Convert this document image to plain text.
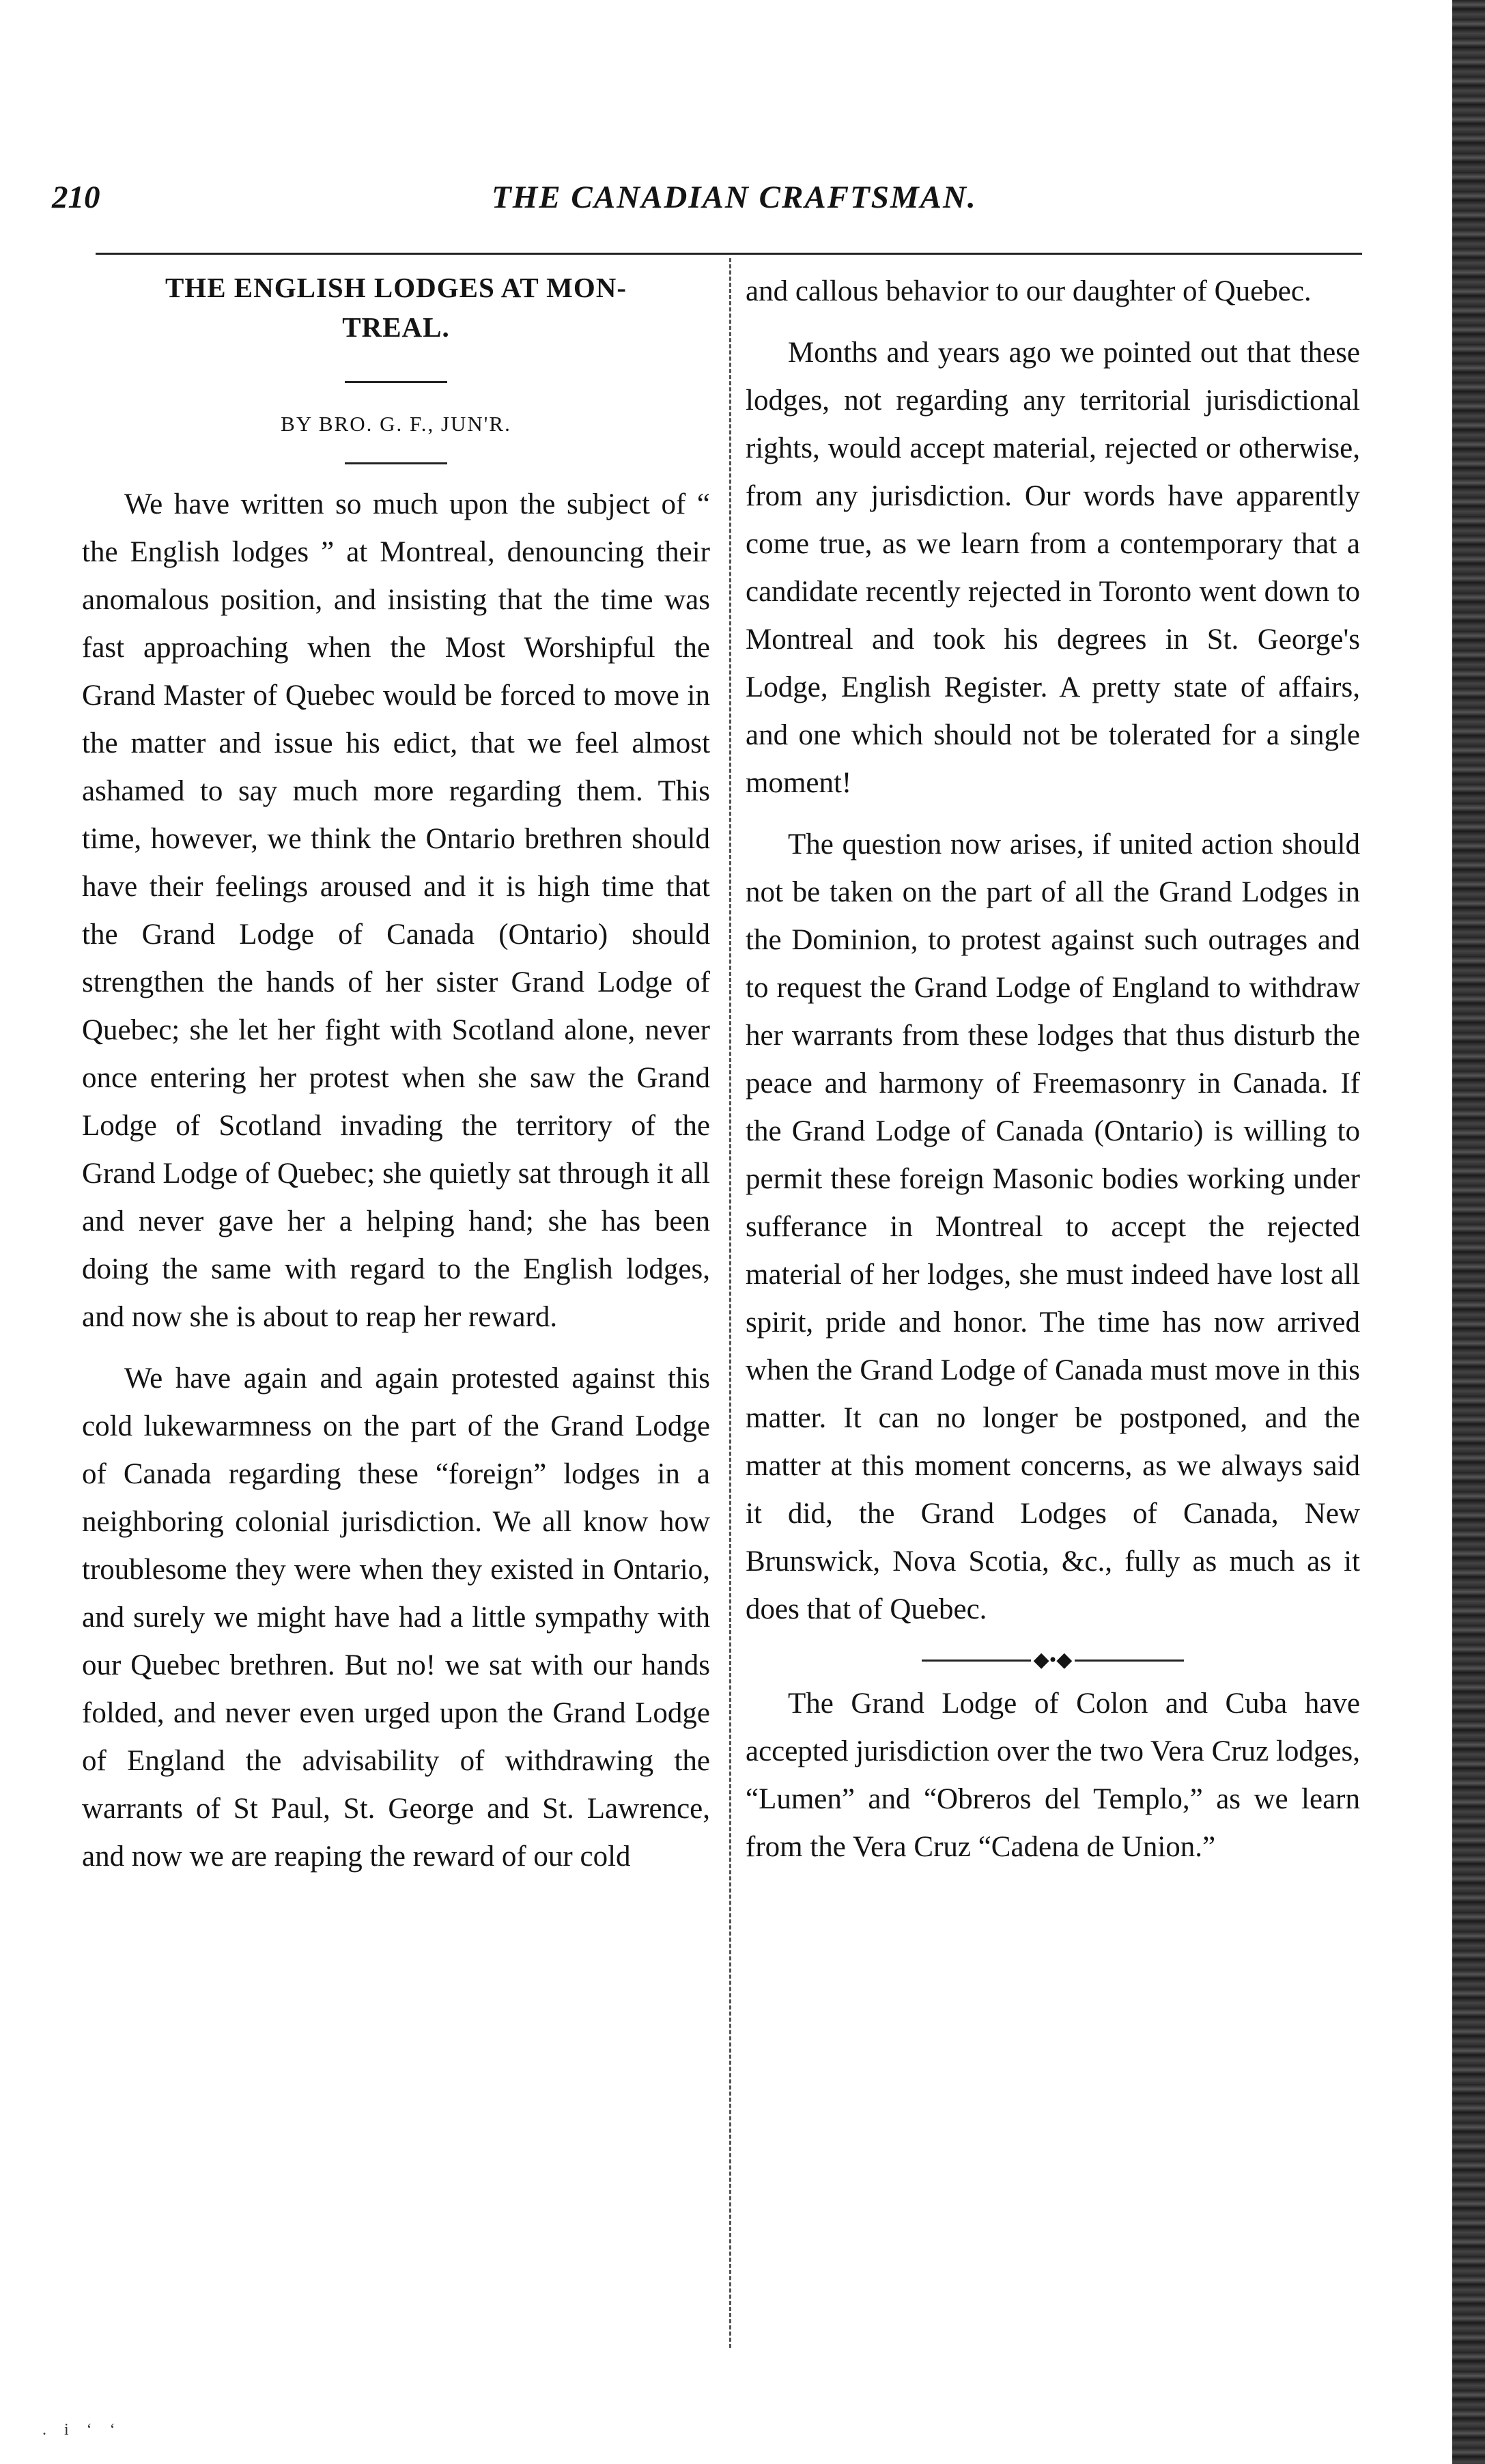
210	THE CANADIAN CRAFTSMAN.
THE ENGLISH LODGES AT MON-
TREAL.
BY BRO. G. F., JUN'R.

We have written so much upon the subject of “ the English lodges ” at Montreal, denouncing their anomalous position, and insisting that the time was fast approaching when the Most Worshipful the Grand Master of Quebec would be forced to move in the matter and issue his edict, that we feel almost ashamed to say much more regarding them. This time, however, we think the Ontario brethren should have their feelings aroused and it is high time that the Grand Lodge of Canada (Ontario) should strengthen the hands of her sister Grand Lodge of Quebec; she let her fight with Scotland alone, never once entering her protest when she saw the Grand Lodge of Scotland invading the territory of the Grand Lodge of Quebec; she quietly sat through it all and never gave her a helping hand; she has been doing the same with regard to the English lodges, and now she is about to reap her reward.

We have again and again protested against this cold lukewarmness on the part of the Grand Lodge of Canada regarding these “foreign” lodges in a neighboring colonial jurisdiction. We all know how troublesome they were when they existed in Ontario, and surely we might have had a little sympathy with our Quebec brethren. But no! we sat with our hands folded, and never even urged upon the Grand Lodge of England the advisability of withdrawing the warrants of St Paul, St. George and St. Lawrence, and now we are reaping the reward of our cold

and callous behavior to our daughter of Quebec.

Months and years ago we pointed out that these lodges, not regarding any territorial jurisdictional rights, would accept material, rejected or otherwise, from any jurisdiction. Our words have apparently come true, as we learn from a contemporary that a candidate recently rejected in Toronto went down to Montreal and took his degrees in St. George's Lodge, English Register. A pretty state of affairs, and one which should not be tolerated for a single moment!

The question now arises, if united action should not be taken on the part of all the Grand Lodges in the Dominion, to protest against such outrages and to request the Grand Lodge of England to withdraw her warrants from these lodges that thus disturb the peace and harmony of Freemasonry in Canada. If the Grand Lodge of Canada (Ontario) is willing to permit these foreign Masonic bodies working under sufferance in Montreal to accept the rejected material of her lodges, she must indeed have lost all spirit, pride and honor. The time has now arrived when the Grand Lodge of Canada must move in this matter. It can no longer be postponed, and the matter at this moment concerns, as we always said it did, the Grand Lodges of Canada, New Brunswick, Nova Scotia, &c., fully as much as it does that of Quebec.

◆•◆

The Grand Lodge of Colon and Cuba have accepted jurisdiction over the two Vera Cruz lodges, “Lumen” and “Obreros del Templo,” as we learn from the Vera Cruz “Cadena de Union.”

. i ‘ ‘
